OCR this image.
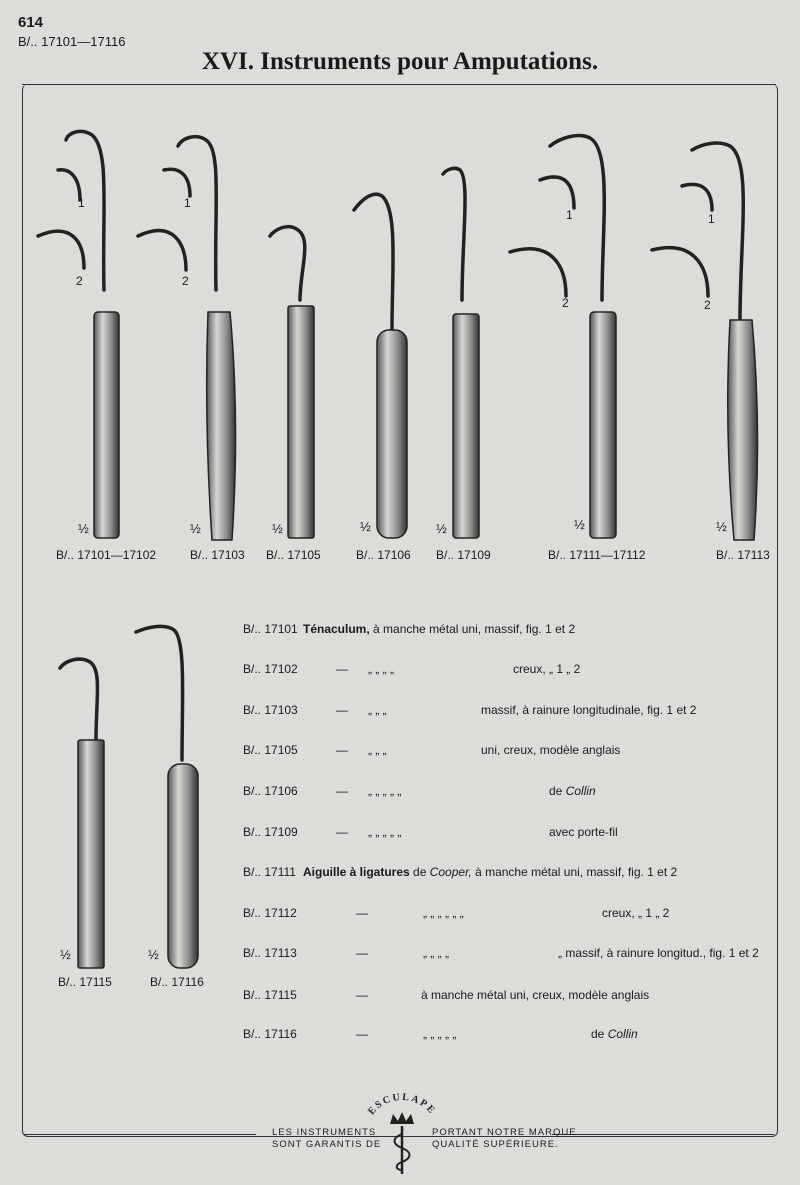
614
B/.. 17101—17116
XVI. Instruments pour Amputations.
1
2
1
2
1
2
1
2
½	½	½	½	½	½	½
½	½
B/.. 17101—17102	B/.. 17103 B/.. 17105	B/.. 17106 B/.. 17109	B/.. 17111—17112	B/.. 17113
B/.. 17115	B/.. 17116
B/.. 17101 Ténaculum, à manche métal uni, massif, fig. 1 et 2
B/.. 17102	— „ „ „ „	creux, „ 1 „ 2
B/.. 17103	— „ „ „	massif, à rainure longitudinale, fig. 1 et 2
B/.. 17105	— „ „ „	uni, creux, modèle anglais
B/.. 17106	— „ „ „ „ „	de Collin
B/.. 17109	— „ „ „ „ „	avec porte-fil
B/.. 17111 Aiguille à ligatures de Cooper, à manche métal uni, massif, fig. 1 et 2
B/.. 17112	—	„ „ „ „ „ „	creux, „ 1 „ 2
B/.. 17113	—	„ „ „ „	„ massif, à rainure longitud., fig. 1 et 2
B/.. 17115	—	à manche métal uni, creux, modèle anglais
B/.. 17116	—	„ „ „ „ „	de Collin
ESCULAPE
LES INSTRUMENTS
SONT GARANTIS DE
PORTANT NOTRE MARQUE
QUALITÉ SUPÉRIEURE.
